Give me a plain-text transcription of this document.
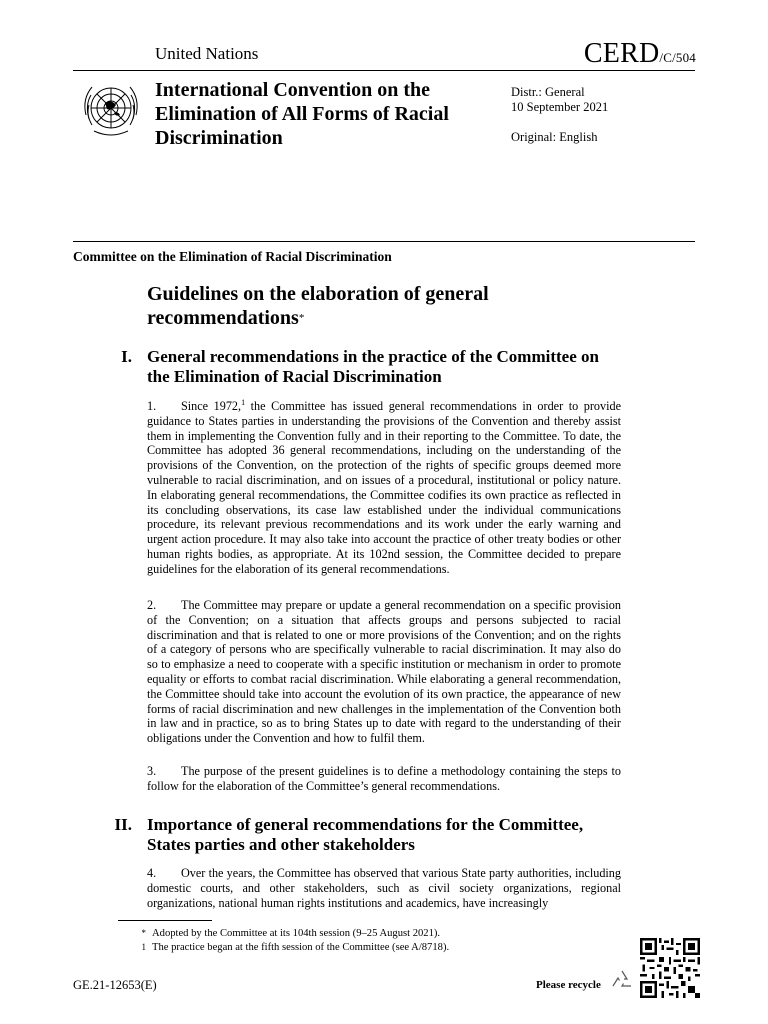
United Nations	CERD/C/504
International Convention on the Elimination of All Forms of Racial Discrimination
Distr.: General
10 September 2021
Original: English
Committee on the Elimination of Racial Discrimination
Guidelines on the elaboration of general recommendations*
I. General recommendations in the practice of the Committee on the Elimination of Racial Discrimination
1. Since 1972,$^1$ the Committee has issued general recommendations in order to provide guidance to States parties in understanding the provisions of the Convention and thereby assist them in implementing the Convention fully and in their reporting to the Committee. To date, the Committee has adopted 36 general recommendations, including on the understanding of the provisions of the Convention, on the protection of the rights of specific groups deemed more vulnerable to racial discrimination, and on issues of a procedural, institutional or policy nature. In elaborating general recommendations, the Committee codifies its own practice as reflected in its concluding observations, its case law established under the individual communications procedure, its relevant previous recommendations and its work under the early warning and urgent action procedure. It may also take into account the practice of other treaty bodies or other human rights bodies, as appropriate. At its 102nd session, the Committee decided to prepare guidelines for the elaboration of its general recommendations.
2. The Committee may prepare or update a general recommendation on a specific provision of the Convention; on a situation that affects groups and persons subjected to racial discrimination and that is related to one or more provisions of the Convention; and on the rights of a category of persons who are specifically vulnerable to racial discrimination. It may also do so to emphasize a need to cooperate with a specific institution or mechanism in order to promote equality or efforts to combat racial discrimination. While elaborating a general recommendation, the Committee should take into account the evolution of its own practice, the appearance of new forms of racial discrimination and new challenges in the implementation of the Convention both in law and in practice, so as to bring States up to date with regard to the understanding of their obligations under the Convention and how to fulfil them.
3. The purpose of the present guidelines is to define a methodology containing the steps to follow for the elaboration of the Committee’s general recommendations.
II. Importance of general recommendations for the Committee, States parties and other stakeholders
4. Over the years, the Committee has observed that various State party authorities, including domestic courts, and other stakeholders, such as civil society organizations, regional organizations, national human rights institutions and academics, have increasingly
* Adopted by the Committee at its 104th session (9–25 August 2021).
1 The practice began at the fifth session of the Committee (see A/8718).
GE.21-12653(E)	Please recycle
